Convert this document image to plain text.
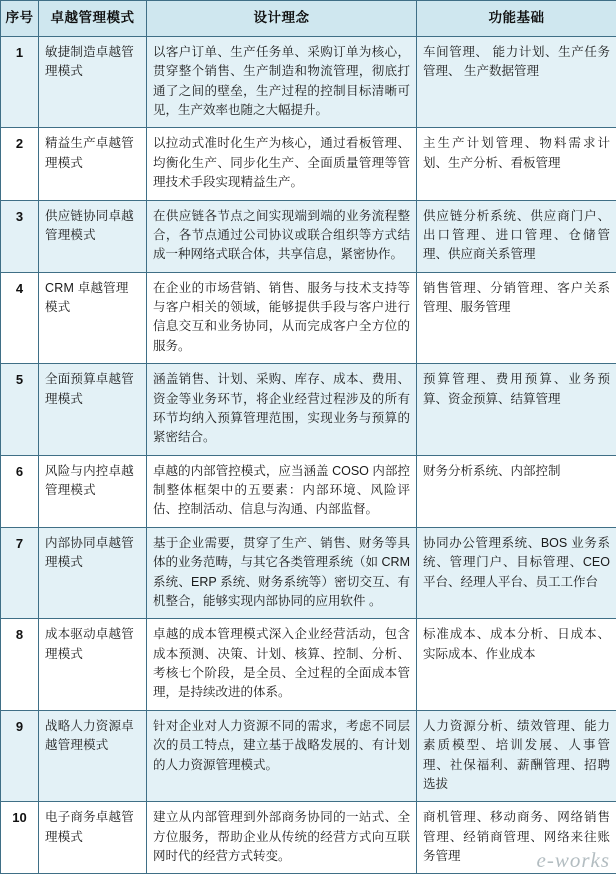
序号	卓越管理模式	设计理念	功能基础
1	敏捷制造卓越管理模式	以客户订单、生产任务单、采购订单为核心，贯穿整个销售、生产制造和物流管理，彻底打通了之间的壁垒，生产过程的控制目标清晰可见，生产效率也随之大幅提升。	车间管理、 能力计划、生产任务管理、 生产数据管理
2	精益生产卓越管理模式	以拉动式准时化生产为核心，通过看板管理、均衡化生产、同步化生产、全面质量管理等管理技术手段实现精益生产。	主生产计划管理、物料需求计划、生产分析、看板管理
3	供应链协同卓越管理模式	在供应链各节点之间实现端到端的业务流程整合，各节点通过公司协议或联合组织等方式结成一种网络式联合体，共享信息，紧密协作。	供应链分析系统、供应商门户、出口管理、进口管理、仓储管理、供应商关系管理
4	CRM 卓越管理模式	在企业的市场营销、销售、服务与技术支持等与客户相关的领域，能够提供手段与客户进行信息交互和业务协同，从而完成客户全方位的服务。	销售管理、分销管理、客户关系管理、服务管理
5	全面预算卓越管理模式	涵盖销售、计划、采购、库存、成本、费用、资金等业务环节，将企业经营过程涉及的所有环节均纳入预算管理范围，实现业务与预算的紧密结合。	预算管理、费用预算、业务预算、资金预算、结算管理
6	风险与内控卓越管理模式	卓越的内部管控模式，应当涵盖 COSO 内部控制整体框架中的五要素：内部环境、风险评估、控制活动、信息与沟通、内部监督。	财务分析系统、内部控制
7	内部协同卓越管理模式	基于企业需要，贯穿了生产、销售、财务等具体的业务范畴，与其它各类管理系统（如 CRM 系统、ERP 系统、财务系统等）密切交互、有机整合，能够实现内部协同的应用软件 。	协同办公管理系统、BOS 业务系统、管理门户、目标管理、CEO 平台、经理人平台、员工工作台
8	成本驱动卓越管理模式	卓越的成本管理模式深入企业经营活动，包含成本预测、决策、计划、核算、控制、分析、考核七个阶段，是全员、全过程的全面成本管理，是持续改进的体系。	标准成本、成本分析、日成本、 实际成本、作业成本
9	战略人力资源卓越管理模式	针对企业对人力资源不同的需求，考虑不同层次的员工特点，建立基于战略发展的、有计划的人力资源管理模式。	人力资源分析、绩效管理、能力素质模型、培训发展、人事管理、社保福利、薪酬管理、招聘选拔
10	电子商务卓越管理模式	建立从内部管理到外部商务协同的一站式、全方位服务，帮助企业从传统的经营方式向互联网时代的经营方式转变。	商机管理、移动商务、网络销售管理、经销商管理、网络来往账务管理	e-works
